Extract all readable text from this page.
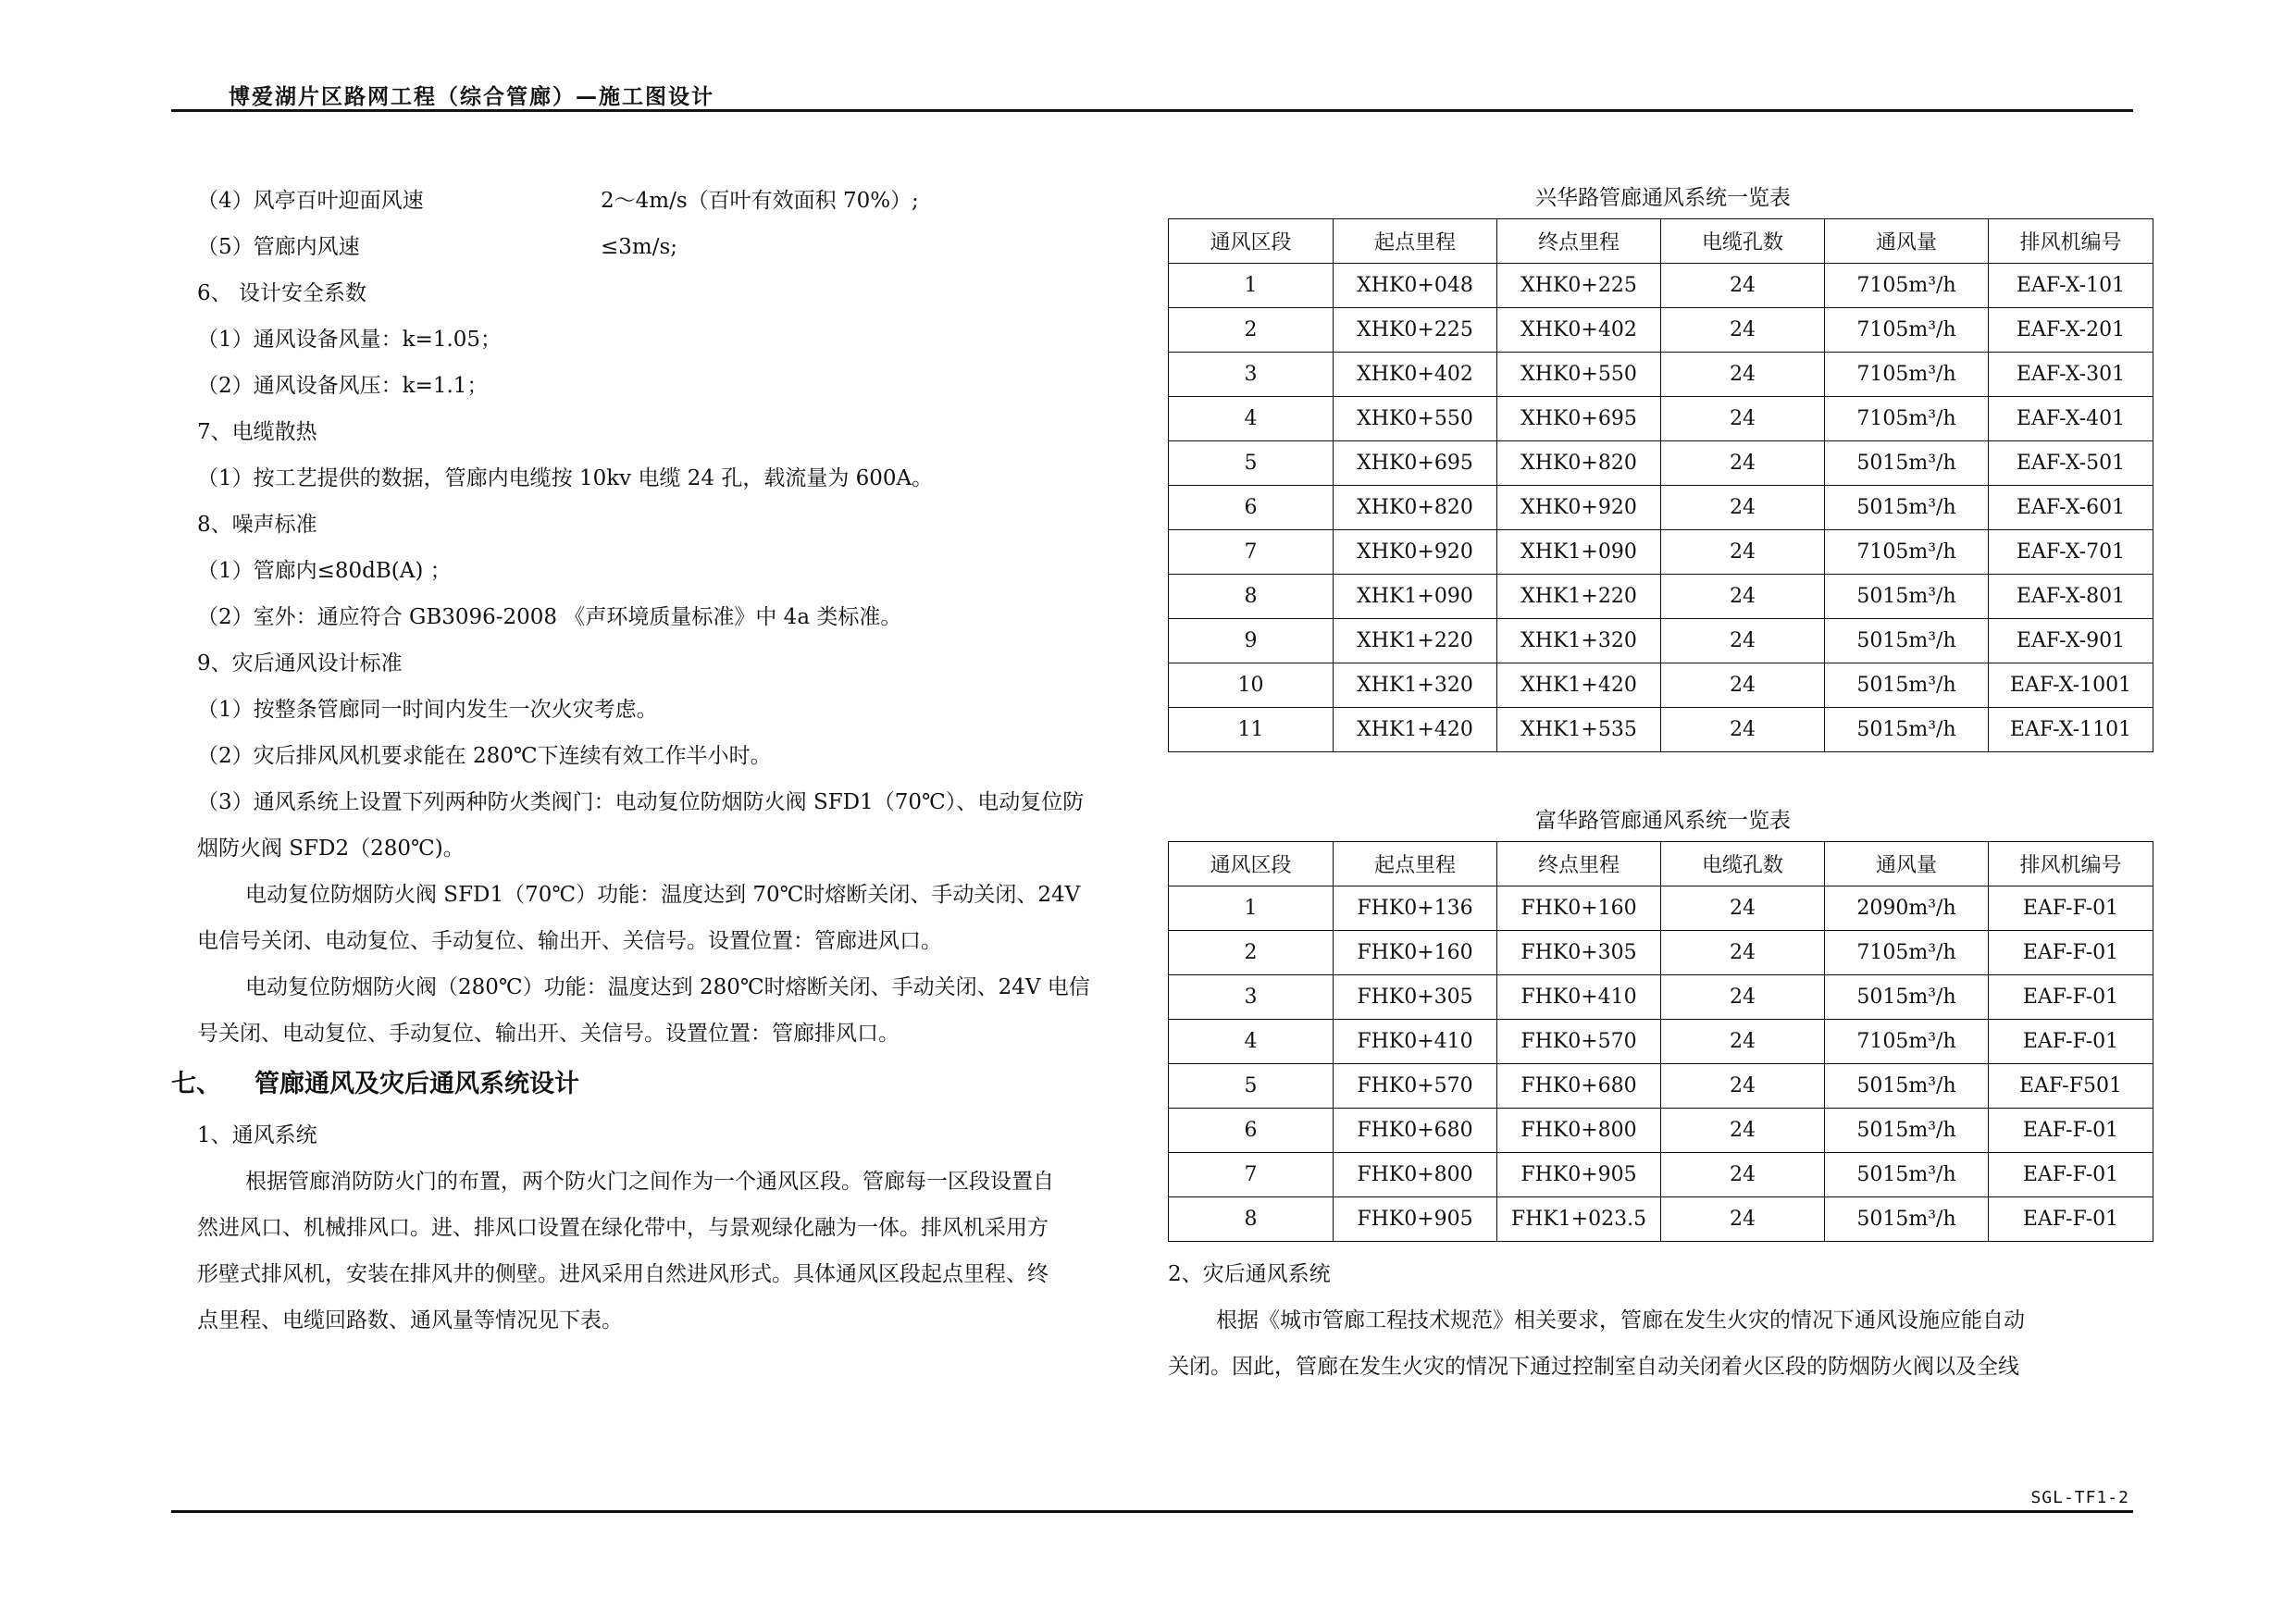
博爱湖片区路网工程（综合管廊）—施工图设计
（4）风亭百叶迎面风速	2～4m/s（百叶有效面积 70%）;
（5）管廊内风速	≤3m/s;
6、 设计安全系数
（1）通风设备风量：k=1.05；
（2）通风设备风压：k=1.1；
7、电缆散热
（1）按工艺提供的数据，管廊内电缆按 10kv 电缆 24 孔，载流量为 600A。
8、噪声标准
（1）管廊内≤80dB(A) ；
（2）室外：通应符合 GB3096-2008 《声环境质量标准》中 4a 类标准。
9、灾后通风设计标准
（1）按整条管廊同一时间内发生一次火灾考虑。
（2）灾后排风风机要求能在 280℃下连续有效工作半小时。
（3）通风系统上设置下列两种防火类阀门：电动复位防烟防火阀 SFD1（70℃）、电动复位防
烟防火阀 SFD2（280℃)。
电动复位防烟防火阀 SFD1（70℃）功能：温度达到 70℃时熔断关闭、手动关闭、24V
电信号关闭、电动复位、手动复位、输出开、关信号。设置位置：管廊进风口。
电动复位防烟防火阀（280℃）功能：温度达到 280℃时熔断关闭、手动关闭、24V 电信
号关闭、电动复位、手动复位、输出开、关信号。设置位置：管廊排风口。
七、 管廊通风及灾后通风系统设计
1、通风系统
根据管廊消防防火门的布置，两个防火门之间作为一个通风区段。管廊每一区段设置自
然进风口、机械排风口。进、排风口设置在绿化带中，与景观绿化融为一体。排风机采用方
形壁式排风机，安装在排风井的侧壁。进风采用自然进风形式。具体通风区段起点里程、终
点里程、电缆回路数、通风量等情况见下表。
兴华路管廊通风系统一览表
通风区段	起点里程	终点里程	电缆孔数	通风量	排风机编号
1	XHK0+048	XHK0+225	24	7105m³/h	EAF-X-101
2	XHK0+225	XHK0+402	24	7105m³/h	EAF-X-201
3	XHK0+402	XHK0+550	24	7105m³/h	EAF-X-301
4	XHK0+550	XHK0+695	24	7105m³/h	EAF-X-401
5	XHK0+695	XHK0+820	24	5015m³/h	EAF-X-501
6	XHK0+820	XHK0+920	24	5015m³/h	EAF-X-601
7	XHK0+920	XHK1+090	24	7105m³/h	EAF-X-701
8	XHK1+090	XHK1+220	24	5015m³/h	EAF-X-801
9	XHK1+220	XHK1+320	24	5015m³/h	EAF-X-901
10	XHK1+320	XHK1+420	24	5015m³/h	EAF-X-1001
11	XHK1+420	XHK1+535	24	5015m³/h	EAF-X-1101
富华路管廊通风系统一览表
通风区段	起点里程	终点里程	电缆孔数	通风量	排风机编号
1	FHK0+136	FHK0+160	24	2090m³/h	EAF-F-01
2	FHK0+160	FHK0+305	24	7105m³/h	EAF-F-01
3	FHK0+305	FHK0+410	24	5015m³/h	EAF-F-01
4	FHK0+410	FHK0+570	24	7105m³/h	EAF-F-01
5	FHK0+570	FHK0+680	24	5015m³/h	EAF-F501
6	FHK0+680	FHK0+800	24	5015m³/h	EAF-F-01
7	FHK0+800	FHK0+905	24	5015m³/h	EAF-F-01
8	FHK0+905	FHK1+023.5	24	5015m³/h	EAF-F-01
2、灾后通风系统
根据《城市管廊工程技术规范》相关要求，管廊在发生火灾的情况下通风设施应能自动
关闭。因此，管廊在发生火灾的情况下通过控制室自动关闭着火区段的防烟防火阀以及全线
SGL-TF1-2
